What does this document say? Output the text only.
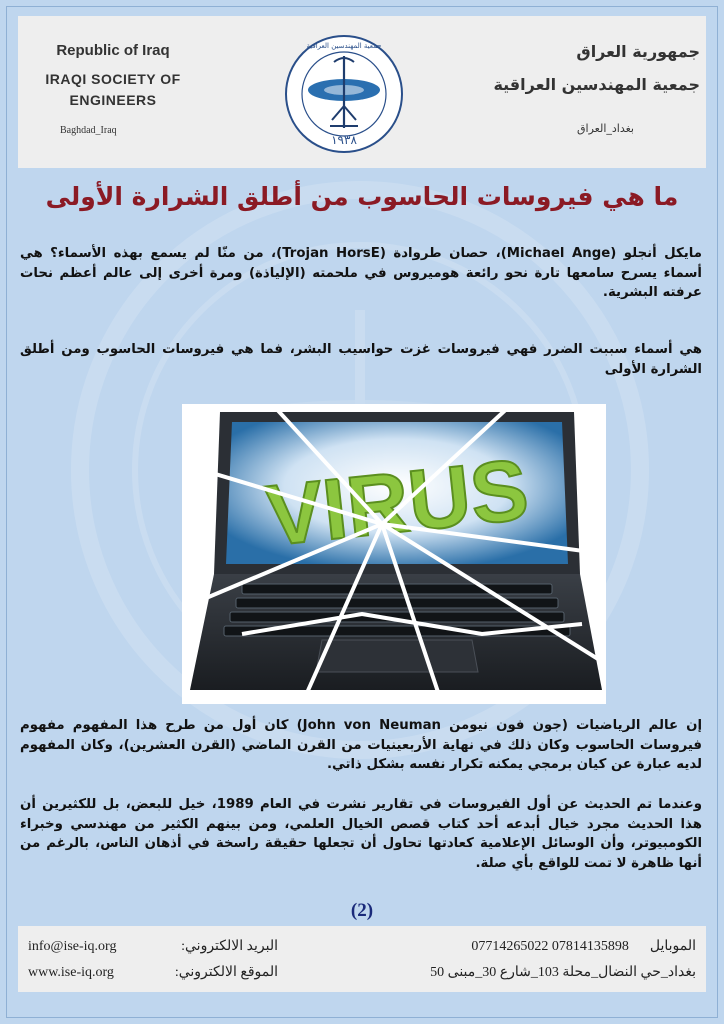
Republic of Iraq
IRAQI SOCIETY OF ENGINEERS
Baghdad_Iraq
١٩٣٨
جمعية المهندسين العراقية	جمهورية العراق
جمعية المهندسين العراقية
بغداد_العراق
ما هي فيروسات الحاسوب من أطلق الشرارة الأولى
مايكل أنجلو (Michael Ange)، حصان طروادة (Trojan HorsE)، من منّا لم يسمع بهذه الأسماء؟ هي أسماء يسرح سامعها تارة نحو رائعة هوميروس في ملحمته (الإلياذة) ومرة أخرى إلى عالم أعظم نحات عرفته البشرية.
هي أسماء سببت الضرر فهي فيروسات غزت حواسيب البشر، فما هي فيروسات الحاسوب ومن أطلق الشرارة الأولى
VIRUS
إن عالم الرياضيات (جون فون نيومن John von Neuman) كان أول من طرح هذا المفهوم مفهوم فيروسات الحاسوب وكان ذلك في نهاية الأربعينيات من القرن الماضي (القرن العشرين)، وكان المفهوم لديه عبارة عن كيان برمجي يمكنه تكرار نفسه بشكل ذاتي.
وعندما تم الحديث عن أول الفيروسات في تقارير نشرت في العام 1989، خيل للبعض، بل للكثيرين أن هذا الحديث مجرد خيال أبدعه أحد كتاب قصص الخيال العلمي، ومن بينهم الكثير من مهندسي وخبراء الكومبيوتر، وأن الوسائل الإعلامية كعادتها تحاول أن تجعلها حقيقة راسخة في أذهان الناس، بالرغم من أنها ظاهرة لا تمت للواقع بأي صلة.
(2)
info@ise-iq.org	البريد الالكتروني:
www.ise-iq.org	الموقع الالكتروني:
الموبايل  07714265022 07814135898
بغداد_حي النضال_محلة 103_شارع 30_مبنى 50
